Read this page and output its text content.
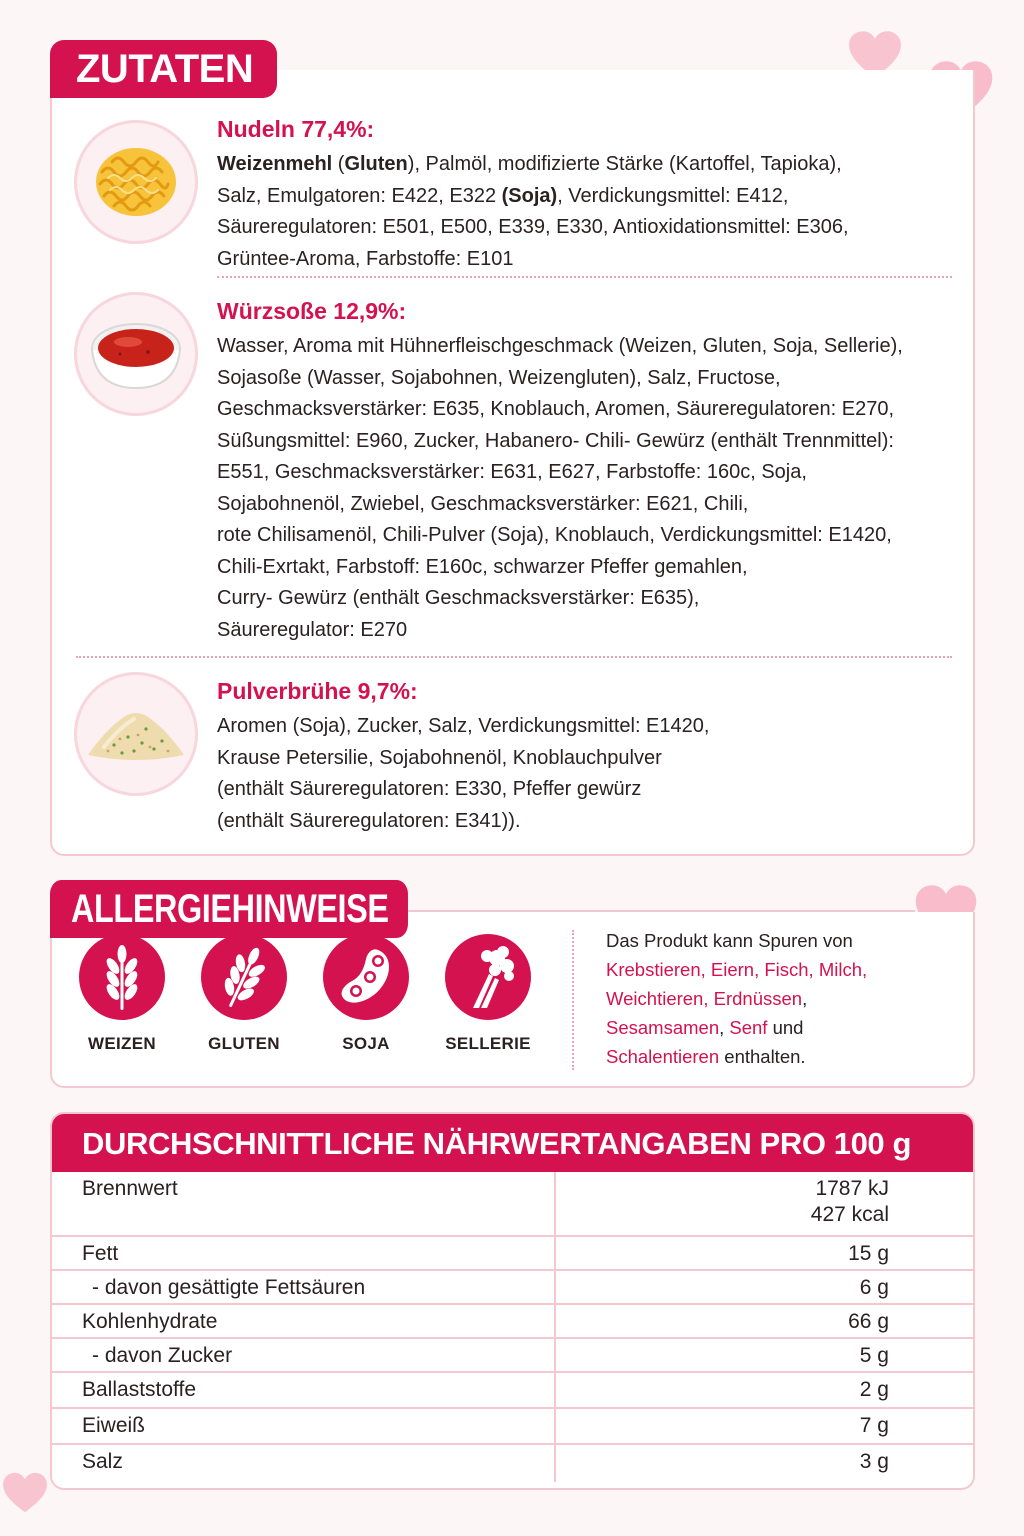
Nudeln 77,4%:
Weizenmehl (Gluten), Palmöl, modifizierte Stärke (Kartoffel, Tapioka),
Salz, Emulgatoren: E422, E322 (Soja), Verdickungsmittel: E412,
Säureregulatoren: E501, E500, E339, E330, Antioxidationsmittel: E306,
Grüntee-Aroma, Farbstoffe: E101
Würzsoße 12,9%:
Wasser, Aroma mit Hühnerfleischgeschmack (Weizen, Gluten, Soja, Sellerie),
Sojasoße (Wasser, Sojabohnen, Weizengluten), Salz, Fructose,
Geschmacksverstärker: E635, Knoblauch, Aromen, Säureregulatoren: E270,
Süßungsmittel: E960, Zucker, Habanero- Chili- Gewürz (enthält Trennmittel):
E551, Geschmacksverstärker: E631, E627, Farbstoffe: 160c, Soja,
Sojabohnenöl, Zwiebel, Geschmacksverstärker: E621, Chili,
rote Chilisamenöl, Chili-Pulver (Soja), Knoblauch, Verdickungsmittel: E1420,
Chili-Exrtakt, Farbstoff: E160c, schwarzer Pfeffer gemahlen,
Curry- Gewürz (enthält Geschmacksverstärker: E635),
Säureregulator: E270
Pulverbrühe 9,7%:
Aromen (Soja), Zucker, Salz, Verdickungsmittel: E1420,
Krause Petersilie, Sojabohnenöl, Knoblauchpulver
(enthält Säureregulatoren: E330, Pfeffer gewürz
(enthält Säureregulatoren: E341)).
ZUTATEN
WEIZEN	GLUTEN	SOJA	SELLERIE
Das Produkt kann Spuren von
Krebstieren, Eiern, Fisch, Milch,
Weichtieren, Erdnüssen,
Sesamsamen, Senf und
Schalentieren enthalten.
ALLERGIEHINWEISE
DURCHSCHNITTLICHE NÄHRWERTANGABEN PRO 100 g
Brennwert	1787 kJ
427 kcal

Fett	15 g

- davon gesättigte Fettsäuren	6 g

Kohlenhydrate	66 g

- davon Zucker	5 g

Ballaststoffe	2 g

Eiweiß	7 g

Salz	3 g
